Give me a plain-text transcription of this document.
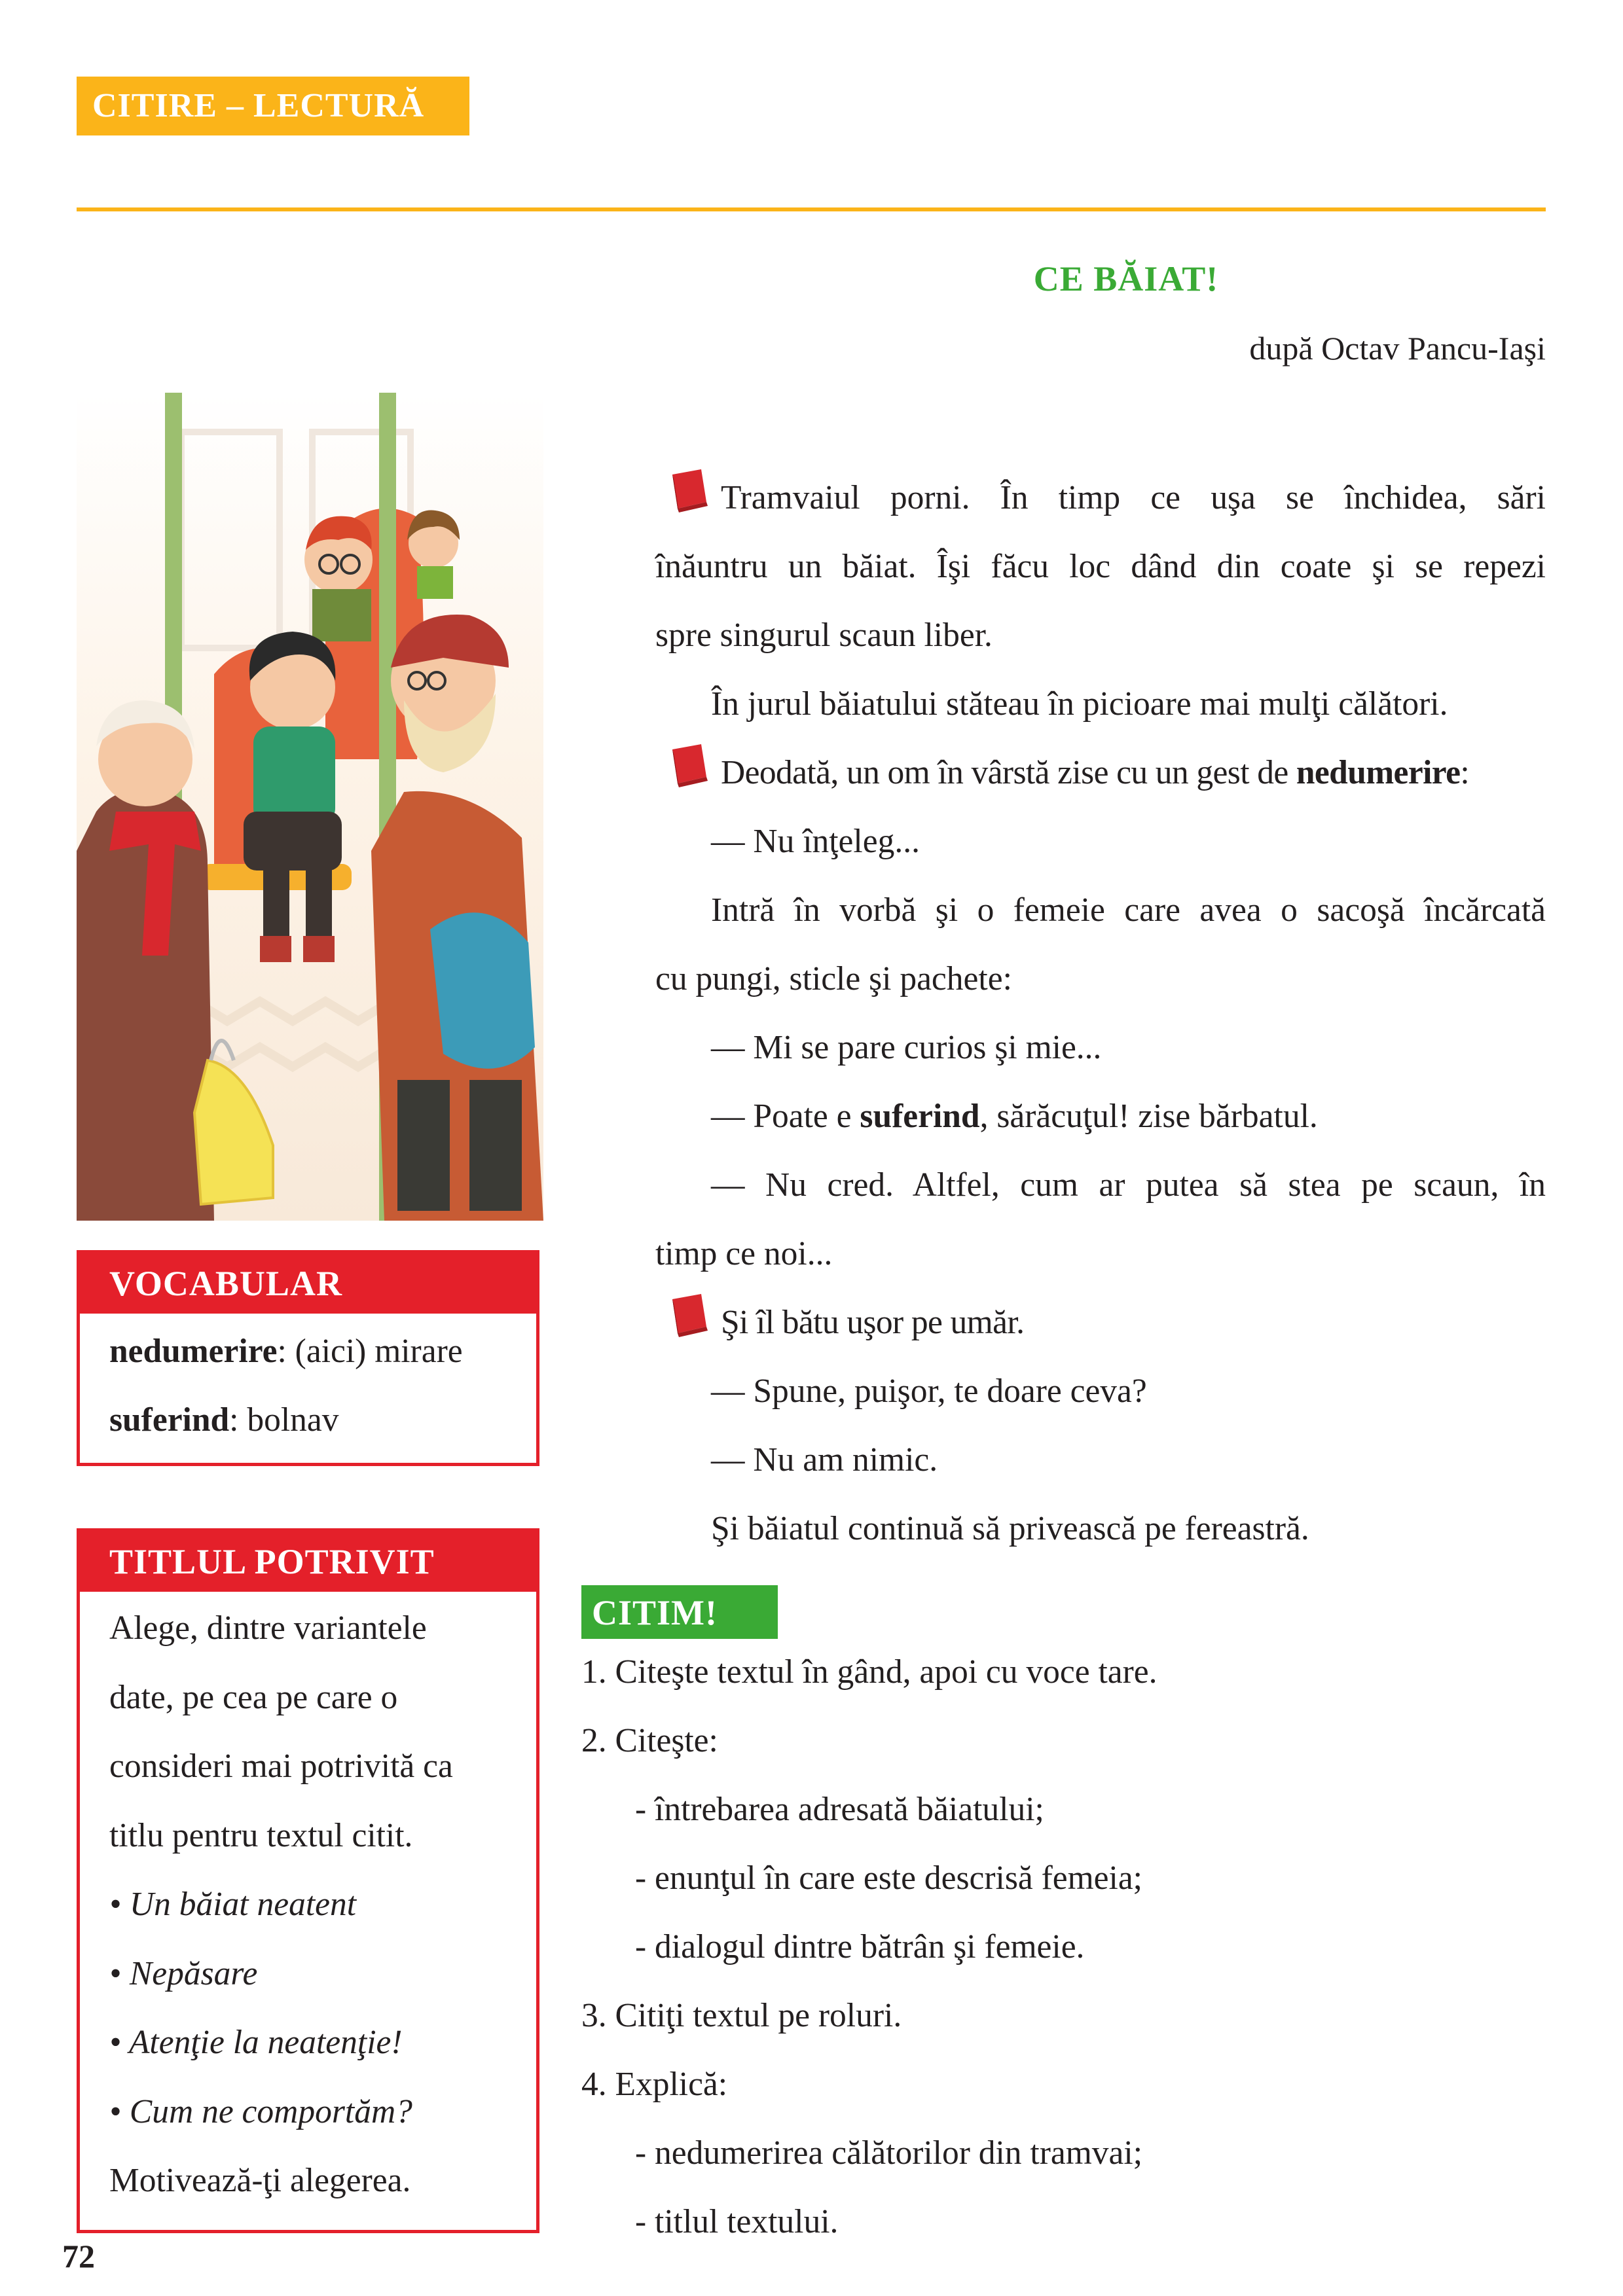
CITIRE – LECTURĂ
CE BĂIAT!
după Octav Pancu-Iaşi
Tramvaiul porni. În timp ce uşa se închidea, sări
înăuntru un băiat. Îşi făcu loc dând din coate şi se repezi
spre singurul scaun liber.
În jurul băiatului stăteau în picioare mai mulţi călători.
Deodată, un om în vârstă zise cu un gest de nedumerire:
— Nu înţeleg...
Intră în vorbă şi o femeie care avea o sacoşă încărcată
cu pungi, sticle şi pachete:
— Mi se pare curios şi mie...
— Poate e suferind, sărăcuţul! zise bărbatul.
— Nu cred. Altfel, cum ar putea să stea pe scaun, în
timp ce noi...
Şi îl bătu uşor pe umăr.
— Spune, puişor, te doare ceva?
— Nu am nimic.
Şi băiatul continuă să privească pe fereastră.
VOCABULAR
nedumerire: (aici) mirare
suferind: bolnav
TITLUL POTRIVIT
Alege, dintre variantele
date, pe cea pe care o
consideri mai potrivită ca
titlu pentru textul citit.
• Un băiat neatent
• Nepăsare
• Atenţie la neatenţie!
• Cum ne comportăm?
Motivează-ţi alegerea.
CITIM!
1. Citeşte textul în gând, apoi cu voce tare.
2. Citeşte:
- întrebarea adresată băiatului;
- enunţul în care este descrisă femeia;
- dialogul dintre bătrân şi femeie.
3. Citiţi textul pe roluri.
4. Explică:
- nedumerirea călătorilor din tramvai;
- titlul textului.
72
